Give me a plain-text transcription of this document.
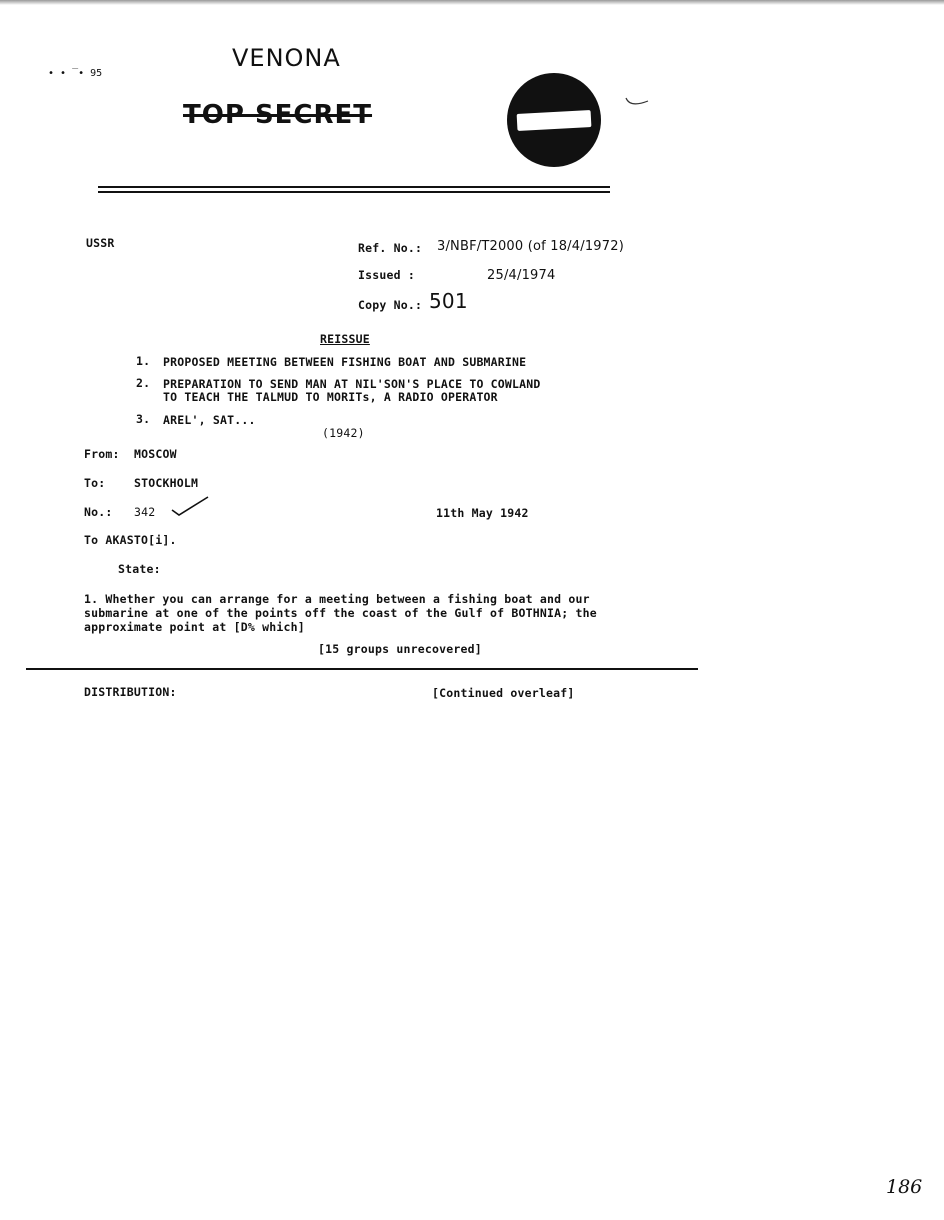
VENONA
• • ‾• 95
TOP SECRET
USSR	Ref. No.: 3/NBF/T2000 (of 18/4/1972)
Issued :	25/4/1974
Copy No.: 501
REISSUE
1. PROPOSED MEETING BETWEEN FISHING BOAT AND SUBMARINE
2. PREPARATION TO SEND MAN AT NIL'SON'S PLACE TO COWLAND
TO TEACH THE TALMUD TO MORITs, A RADIO OPERATOR
3. AREL', SAT...
(1942)
From: MOSCOW
To: STOCKHOLM
No.: 342	11th May 1942
To AKASTO[i].
State:
1. Whether you can arrange for a meeting between a fishing boat and our
submarine at one of the points off the coast of the Gulf of BOTHNIA; the
approximate point at [D% which]
[15 groups unrecovered]
DISTRIBUTION:	[Continued overleaf]
186
